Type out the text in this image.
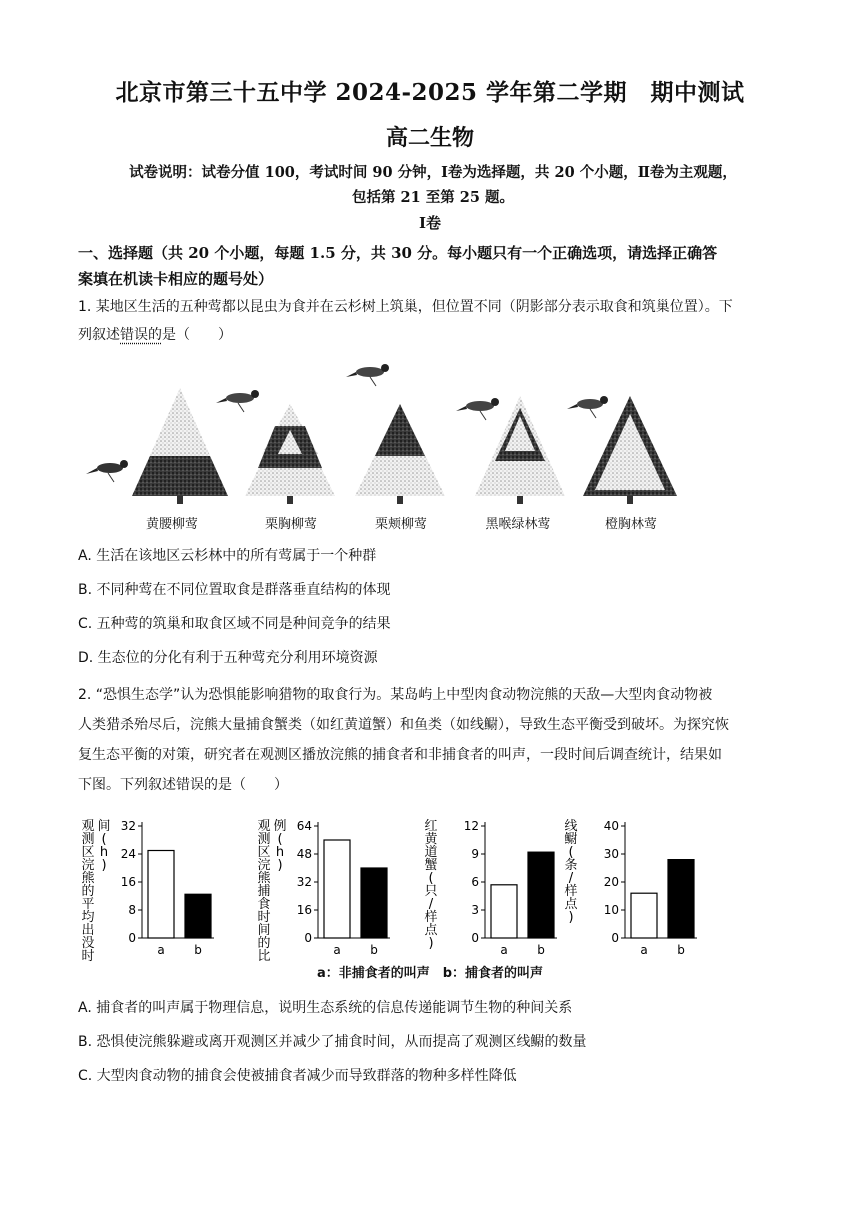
北京市第三十五中学 2024-2025 学年第二学期　期中测试
高二生物
试卷说明：试卷分值 100，考试时间 90 分钟，Ⅰ卷为选择题，共 20 个小题，Ⅱ卷为主观题，
包括第 21 至第 25 题。
Ⅰ卷
一、选择题（共 20 个小题，每题 1.5 分，共 30 分。每小题只有一个正确选项，请选择正确答
案填在机读卡相应的题号处）
1. 某地区生活的五种莺都以昆虫为食并在云杉树上筑巢，但位置不同（阴影部分表示取食和筑巢位置）。下
列叙述错误的是（　　）
黄腰柳莺	栗胸柳莺	栗颊柳莺	黑喉绿林莺	橙胸林莺
A. 生活在该地区云杉林中的所有莺属于一个种群
B. 不同种莺在不同位置取食是群落垂直结构的体现
C. 五种莺的筑巢和取食区域不同是种间竞争的结果
D. 生态位的分化有利于五种莺充分利用环境资源
2. “恐惧生态学”认为恐惧能影响猎物的取食行为。某岛屿上中型肉食动物浣熊的天敌—大型肉食动物被
人类猎杀殆尽后，浣熊大量捕食蟹类（如红黄道蟹）和鱼类（如线鳚），导致生态平衡受到破坏。为探究恢
复生态平衡的对策，研究者在观测区播放浣熊的捕食者和非捕食者的叫声，一段时间后调查统计，结果如
下图。下列叙述错误的是（　　）
0
8
16
24
32
a b
观
测
区
浣
熊
的
平
均
出
没
时
间
(
h
)
0
16
32
48
64
a b
观
测
区
浣
熊
捕
食
时
间
的
比
例
(
h
)
0
3
6
9
12
a b
红
黄
道
蟹
(
只
/
样
点
)	0
10
20
30
40
a b
线
鳚
(
条
/
样
点
)
a：非捕食者的叫声　b：捕食者的叫声
A. 捕食者的叫声属于物理信息，说明生态系统的信息传递能调节生物的种间关系
B. 恐惧使浣熊躲避或离开观测区并减少了捕食时间，从而提高了观测区线鳚的数量
C. 大型肉食动物的捕食会使被捕食者减少而导致群落的物种多样性降低
